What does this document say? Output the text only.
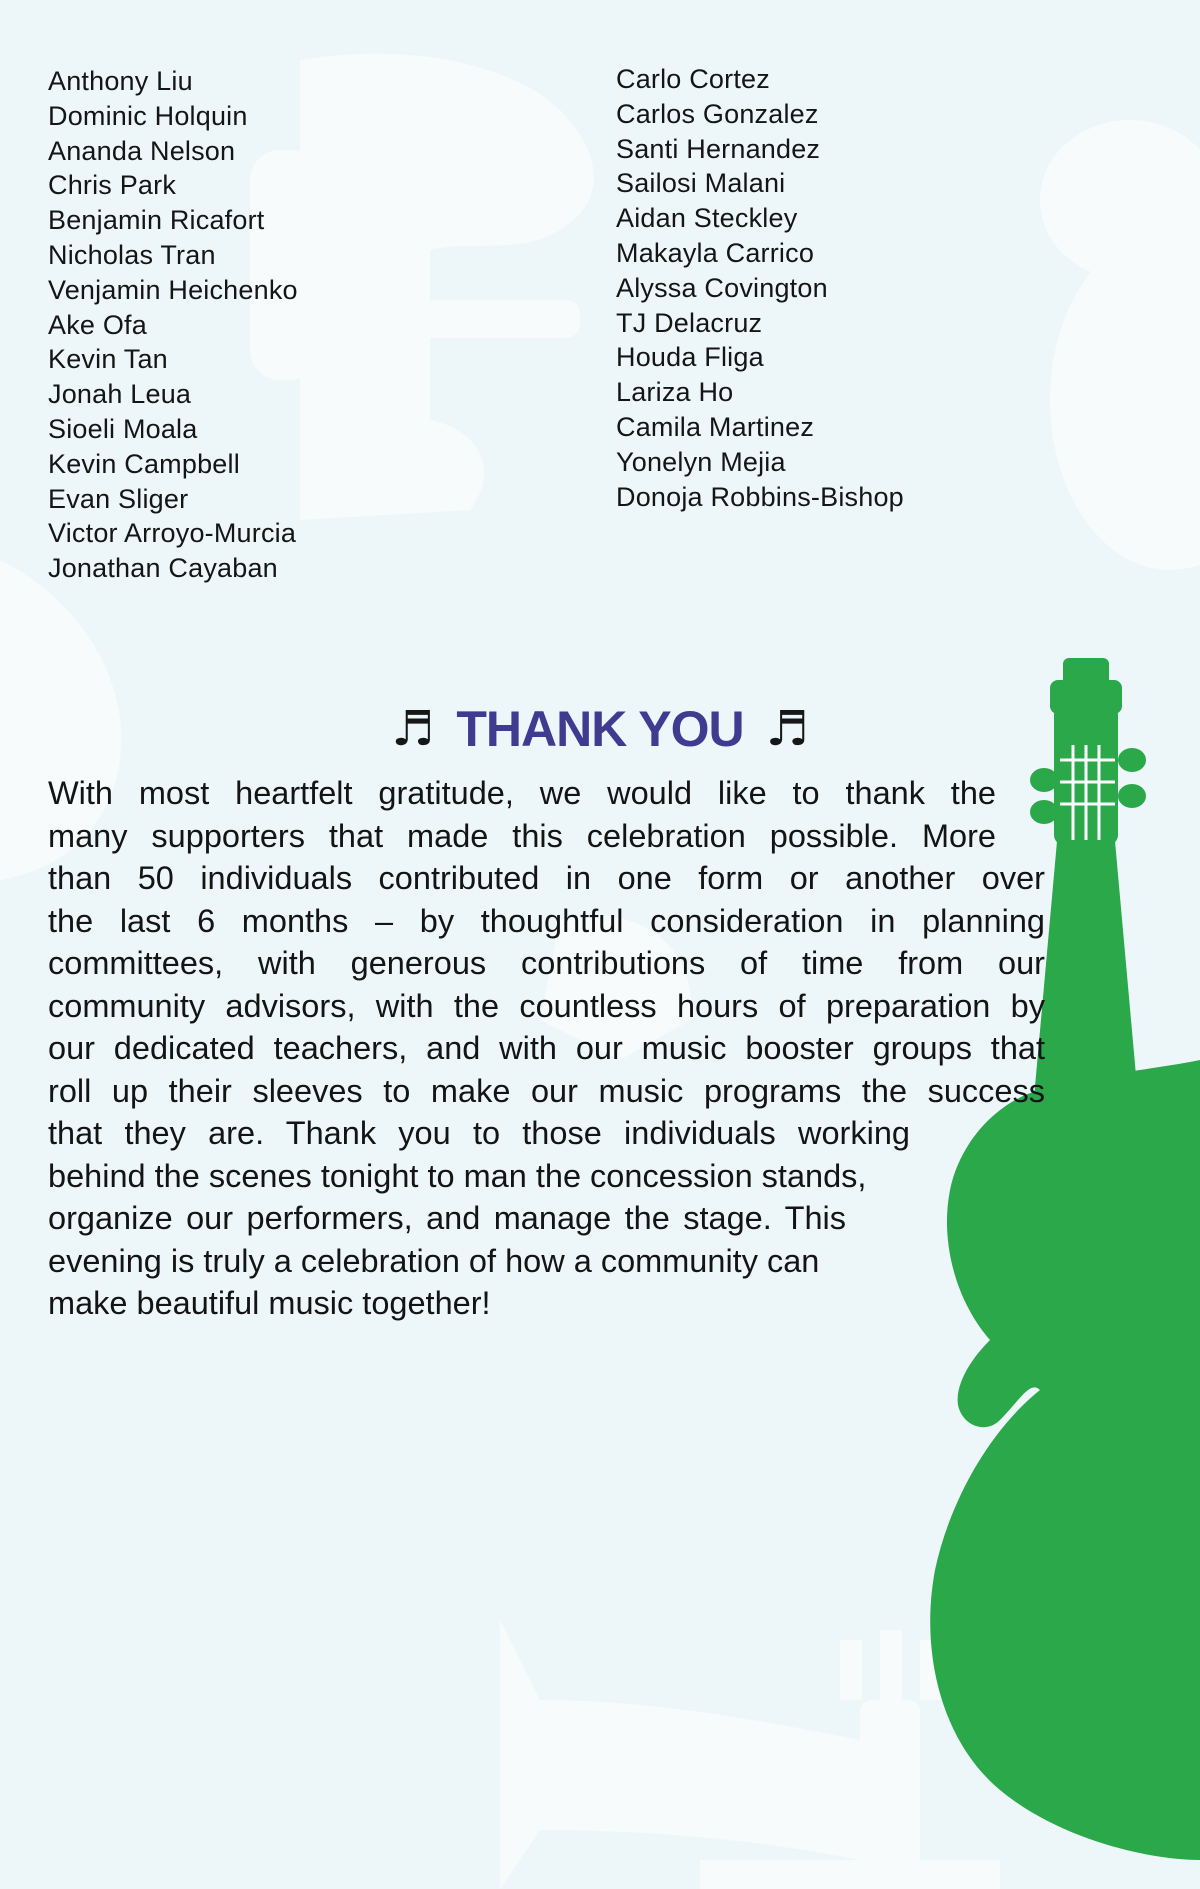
Anthony Liu
Dominic Holquin
Ananda Nelson
Chris Park
Benjamin Ricafort
Nicholas Tran
Venjamin Heichenko
Ake Ofa
Kevin Tan
Jonah Leua
Sioeli Moala
Kevin Campbell
Evan Sliger
Victor Arroyo-Murcia
Jonathan Cayaban
Carlo Cortez
Carlos Gonzalez
Santi Hernandez
Sailosi Malani
Aidan Steckley
Makayla Carrico
Alyssa Covington
TJ Delacruz
Houda Fliga
Lariza Ho
Camila Martinez
Yonelyn Mejia
Donoja Robbins-Bishop
♬ THANK YOU ♬
With most heartfelt gratitude, we would like to thank the
many supporters that made this celebration possible. More
than 50 individuals contributed in one form or another over
the last 6 months – by thoughtful consideration in planning
committees, with generous contributions of time from our
community advisors, with the countless hours of preparation by
our dedicated teachers, and with our music booster groups that
roll up their sleeves to make our music programs the success
that they are. Thank you to those individuals working
behind the scenes tonight to man the concession stands,
organize our performers, and manage the stage. This
evening is truly a celebration of how a community can
make beautiful music together!
